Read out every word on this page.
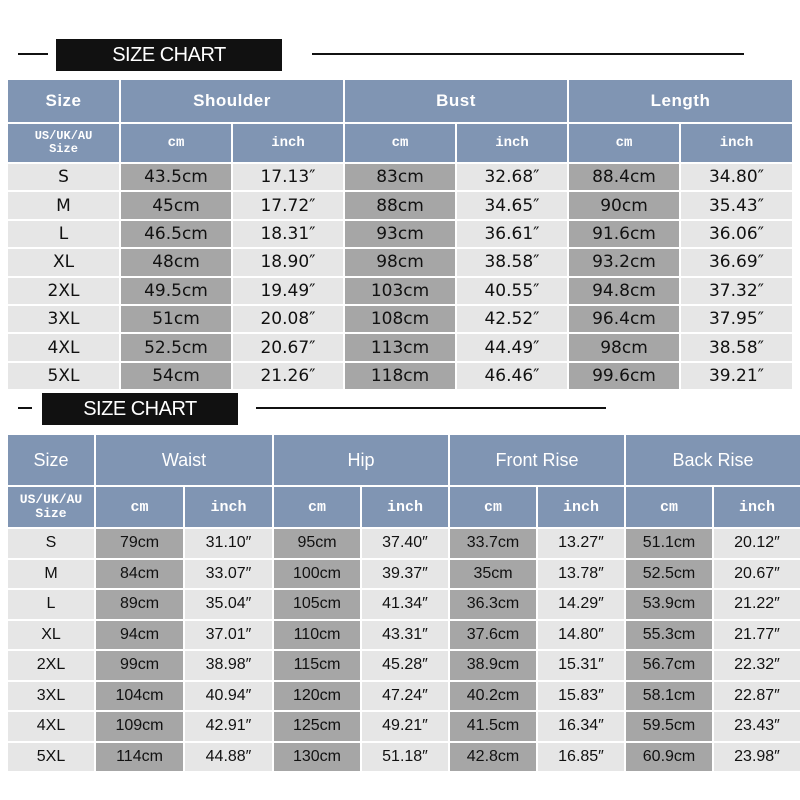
SIZE CHART
Size	Shoulder	Bust	Length
US/UK/AU
Size	cm	inch	cm	inch	cm	inch
S	43.5cm	17.13″	83cm	32.68″	88.4cm	34.80″
M	45cm	17.72″	88cm	34.65″	90cm	35.43″
L	46.5cm	18.31″	93cm	36.61″	91.6cm	36.06″
XL	48cm	18.90″	98cm	38.58″	93.2cm	36.69″
2XL	49.5cm	19.49″	103cm	40.55″	94.8cm	37.32″
3XL	51cm	20.08″	108cm	42.52″	96.4cm	37.95″
4XL	52.5cm	20.67″	113cm	44.49″	98cm	38.58″
5XL	54cm	21.26″	118cm	46.46″	99.6cm	39.21″
SIZE CHART
Size	Waist	Hip	Front Rise	Back Rise
US/UK/AU
Size	cm	inch	cm	inch	cm	inch	cm	inch
S	79cm	31.10″	95cm	37.40″	33.7cm	13.27″	51.1cm	20.12″
M	84cm	33.07″	100cm	39.37″	35cm	13.78″	52.5cm	20.67″
L	89cm	35.04″	105cm	41.34″	36.3cm	14.29″	53.9cm	21.22″
XL	94cm	37.01″	110cm	43.31″	37.6cm	14.80″	55.3cm	21.77″
2XL	99cm	38.98″	115cm	45.28″	38.9cm	15.31″	56.7cm	22.32″
3XL	104cm	40.94″	120cm	47.24″	40.2cm	15.83″	58.1cm	22.87″
4XL	109cm	42.91″	125cm	49.21″	41.5cm	16.34″	59.5cm	23.43″
5XL	114cm	44.88″	130cm	51.18″	42.8cm	16.85″	60.9cm	23.98″
